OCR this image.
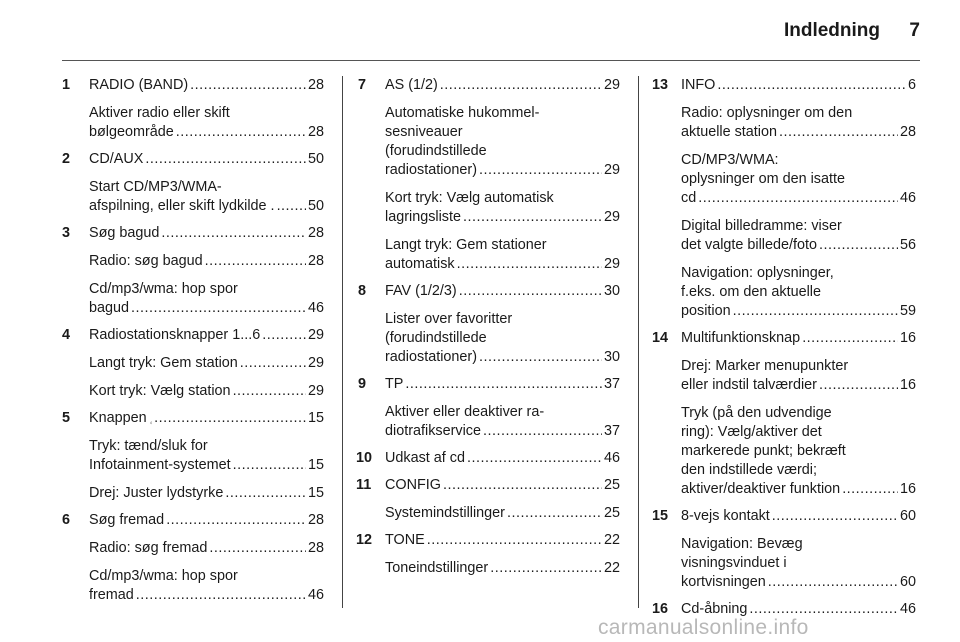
Indledning 7
1 RADIO (BAND) .....	28
Aktiver radio eller skift
bølgeområde .....	28
2 CD/AUX .....	50
Start CD/MP3/WMA-
afspilning, eller skift lydkilde . ..... 50
3 Søg bagud .....	28
Radio: søg bagud .....	28
Cd/mp3/wma: hop spor
bagud .....	46
4 Radiostationsknapper 1...6 .....	29
Langt tryk: Gem station .....	29
Kort tryk: Vælg station .....	29
5 Knappen .....	15
Tryk: tænd/sluk for
Infotainment-systemet .....	15
Drej: Juster lydstyrke .....	15
6 Søg fremad .....	28
Radio: søg fremad .....	28
Cd/mp3/wma: hop spor
fremad .....	46
7 AS (1/2) .....	29
Automatiske hukommel-
sesniveauer
(forudindstillede
radiostationer) .....	29
Kort tryk: Vælg automatisk
lagringsliste .....	29
Langt tryk: Gem stationer
automatisk .....	29
8 FAV (1/2/3) .....	30
Lister over favoritter
(forudindstillede
radiostationer) .....	30
9 TP .....	37
Aktiver eller deaktiver ra-
diotrafikservice .....	37
10 Udkast af cd .....	46
11 CONFIG .....	25
Systemindstillinger .....	25
12 TONE .....	22
Toneindstillinger .....	22
13 INFO .....	6
Radio: oplysninger om den
aktuelle station .....	28
CD/MP3/WMA:
oplysninger om den isatte
cd .....	46
Digital billedramme: viser
det valgte billede/foto .....	56
Navigation: oplysninger,
f.eks. om den aktuelle
position .....	59
14 Multifunktionsknap .....	16
Drej: Marker menupunkter
eller indstil talværdier .....	16
Tryk (på den udvendige
ring): Vælg/aktiver det
markerede punkt; bekræft
den indstillede værdi;
aktiver/deaktiver funktion .....	16
15 8-vejs kontakt .....	60
Navigation: Bevæg
visningsvinduet i
kortvisningen .....	60
16 Cd-åbning .....	46
carmanualsonline.info
